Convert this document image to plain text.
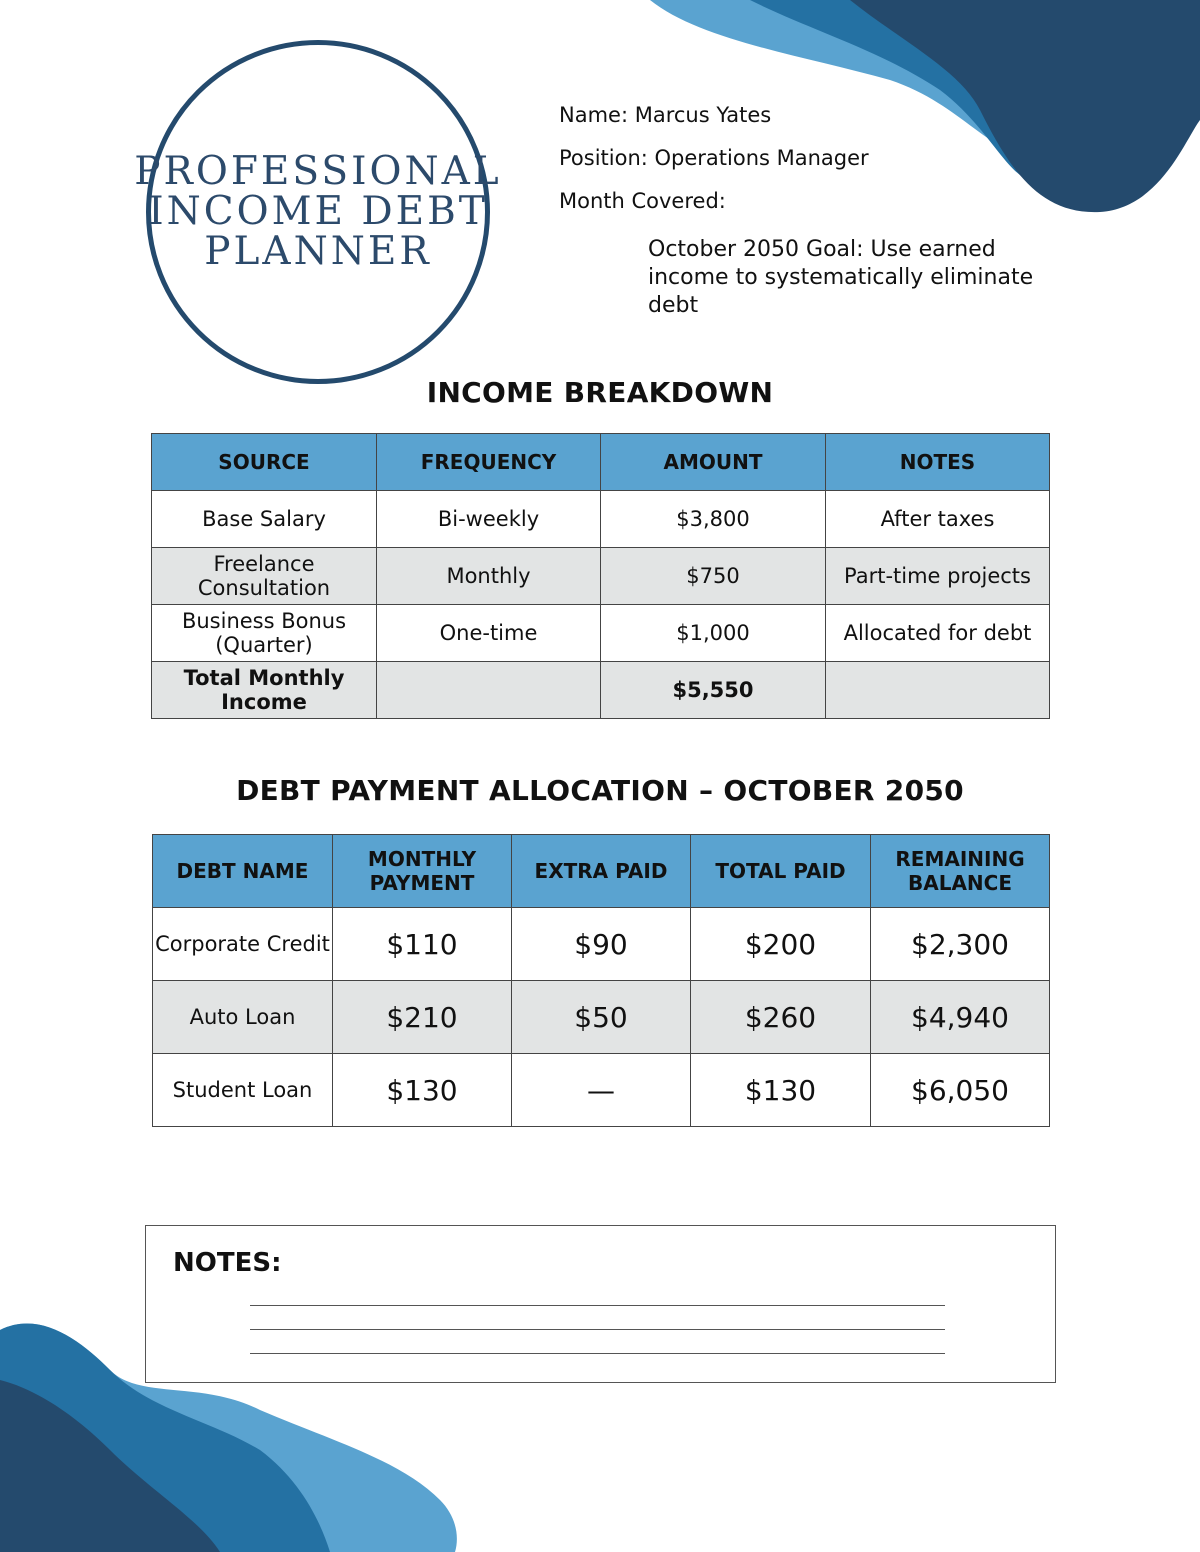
PROFESSIONAL
INCOME DEBT
PLANNER
Name: Marcus Yates
Position: Operations Manager
Month Covered:
October 2050 Goal: Use earned income to systematically eliminate debt
INCOME BREAKDOWN
SOURCE	FREQUENCY	AMOUNT	NOTES
Base Salary	Bi-weekly	$3,800	After taxes
Freelance Consultation	Monthly	$750	Part-time projects
Business Bonus (Quarter)	One-time	$1,000	Allocated for debt
Total Monthly Income		$5,550	
DEBT PAYMENT ALLOCATION – OCTOBER 2050
DEBT NAME	MONTHLY PAYMENT	EXTRA PAID	TOTAL PAID	REMAINING BALANCE
Corporate Credit	$110	$90	$200	$2,300
Auto Loan	$210	$50	$260	$4,940
Student Loan	$130	—	$130	$6,050
NOTES:
